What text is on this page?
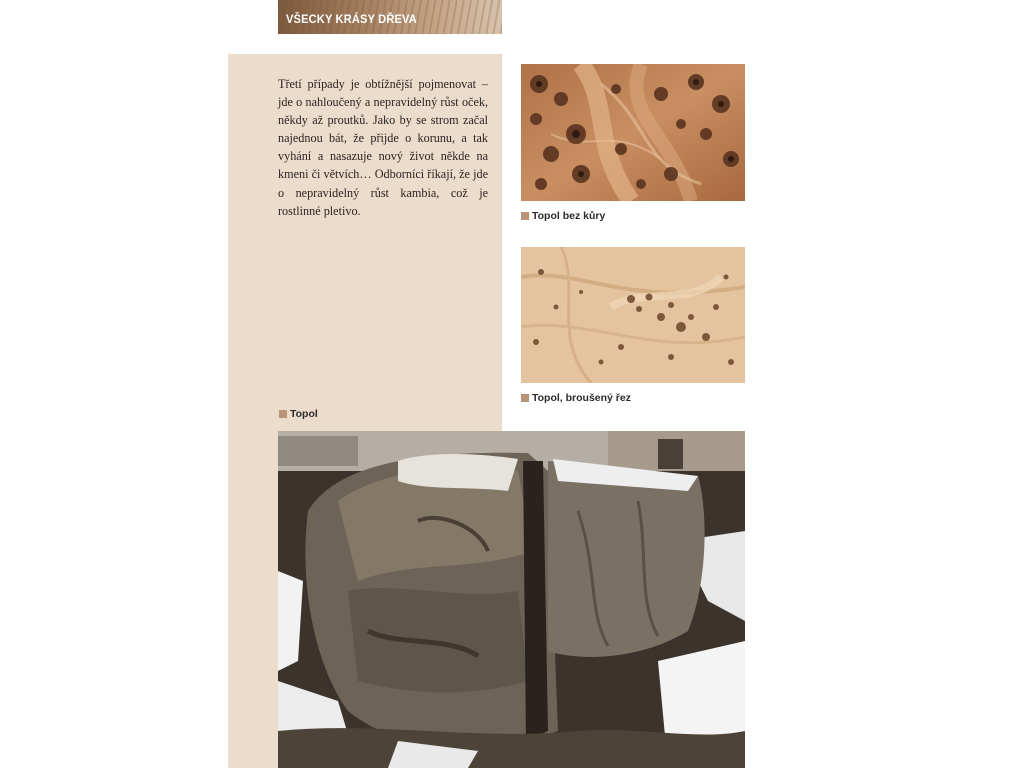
VŠECKY KRÁSY DŘEVA
Třetí případy je obtížnější pojmenovat – jde o nahloučený a nepravidelný růst oček, někdy až proutků. Jako by se strom začal najednou bát, že přijde o korunu, a tak vyhání a nasazuje nový život někde na kmeni či větvích… Odborníci říkají, že jde o nepravidelný růst kambia, což je rostlinné pletivo.	Topol bez kůry
Topol, broušený řez
Topol
